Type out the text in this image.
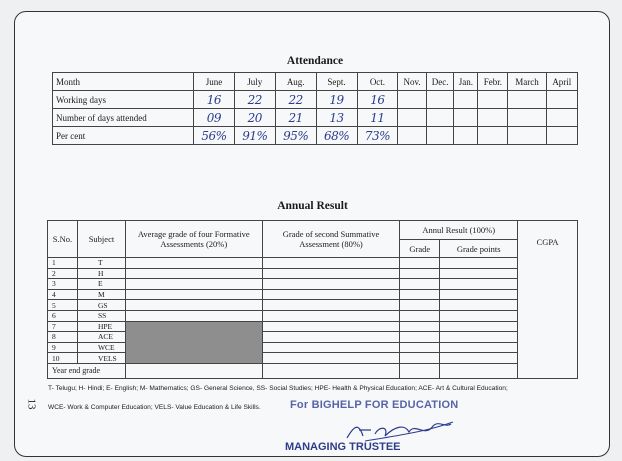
Attendance
Month	June	July	Aug.	Sept.	Oct.	Nov.	Dec.	Jan.	Febr.	March	April
Working days	16	22	22	19	16						
Number of days attended	09	20	21	13	11						
Per cent	56%	91%	95%	68%	73%						
Annual Result
S.No.	Subject	Average grade of four Formative Assessments (20%)	Grade of second Summative Assessment (80%)	Annul Result (100%)		CGPA
				Grade	Grade points	
1	T					
2	H					
3	E					
4	M					
5	GS					
6	SS					
7	HPE					
8	ACE					
9	WCE					
10	VELS					
Year end grade						
T- Telugu; H- Hindi; E- English; M- Mathematics; GS- General Science, SS- Social Studies; HPE- Health & Physical Education; ACE- Art & Cultural Education;
WCE- Work & Computer Education; VELS- Value Education & Life Skills.
13	For BIGHELP FOR EDUCATION
MANAGING TRUSTEE
